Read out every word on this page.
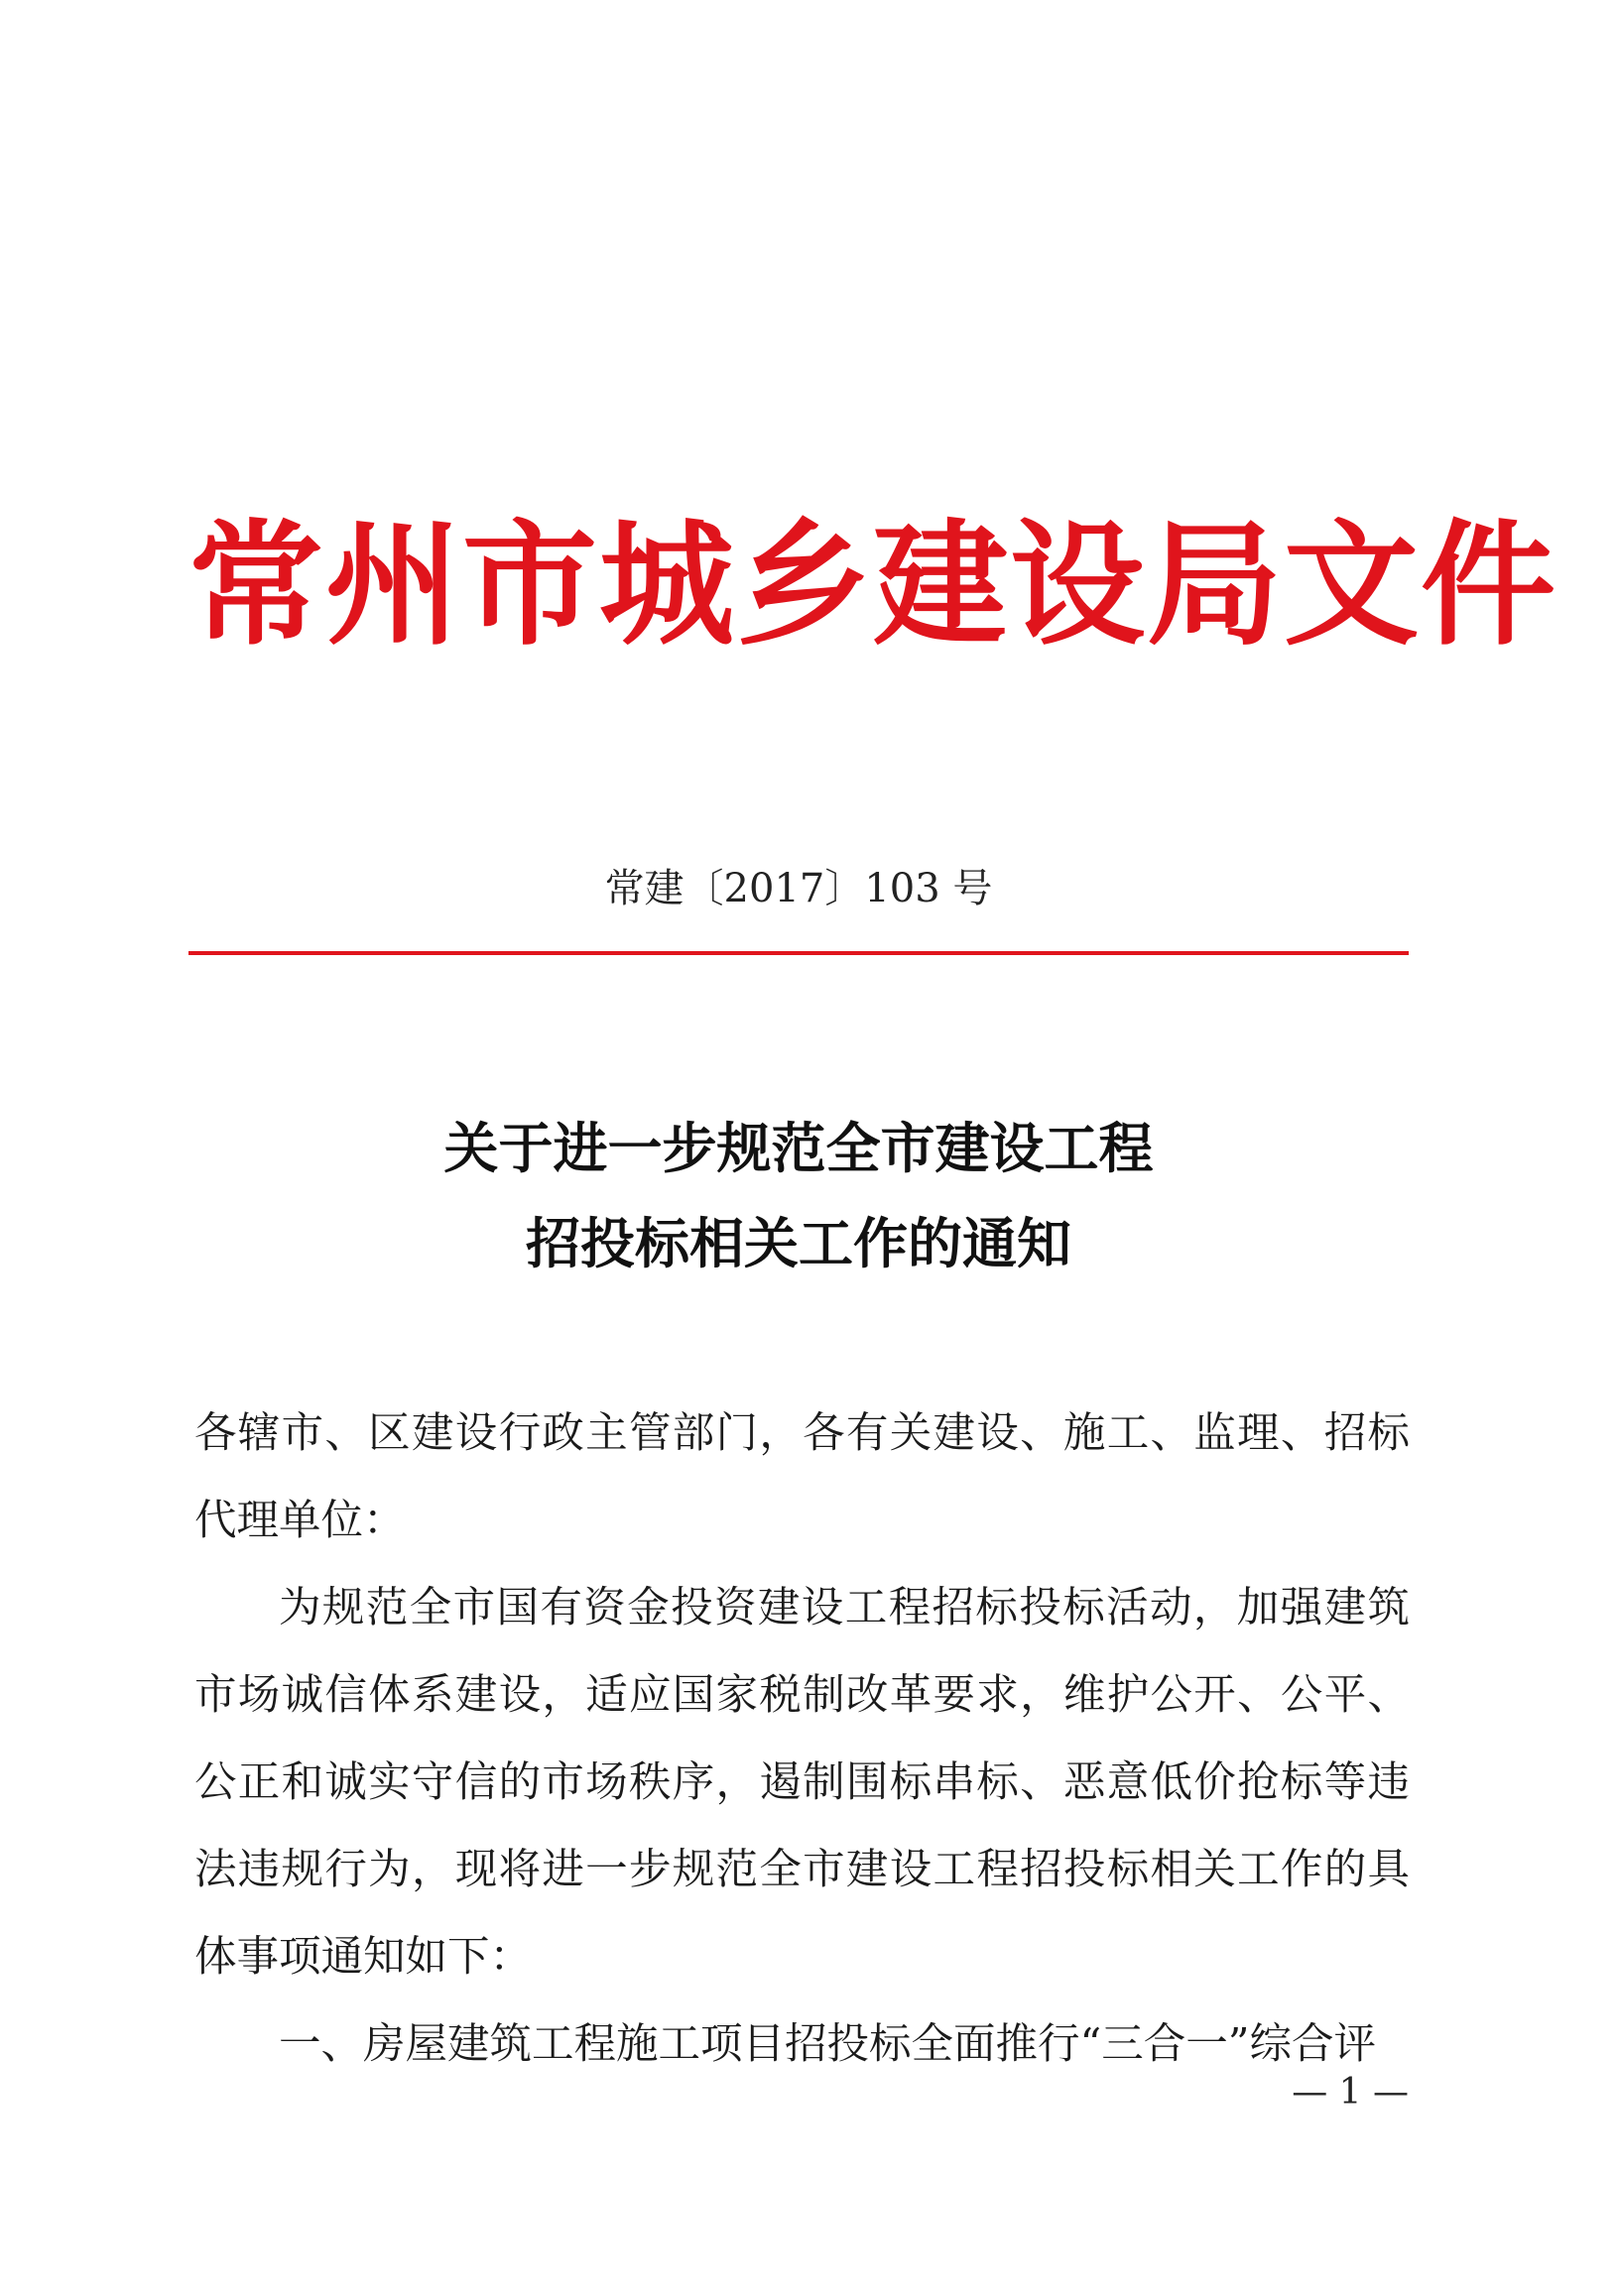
常州市城乡建设局文件
常建〔2017〕103 号
关于进一步规范全市建设工程
招投标相关工作的通知

各辖市、区建设行政主管部门，各有关建设、施工、监理、招标代理单位：

为规范全市国有资金投资建设工程招标投标活动，加强建筑市场诚信体系建设，适应国家税制改革要求，维护公开、公平、公正和诚实守信的市场秩序，遏制围标串标、恶意低价抢标等违法违规行为，现将进一步规范全市建设工程招投标相关工作的具体事项通知如下：

一、房屋建筑工程施工项目招投标全面推行“三合一”综合评

— 1 —
